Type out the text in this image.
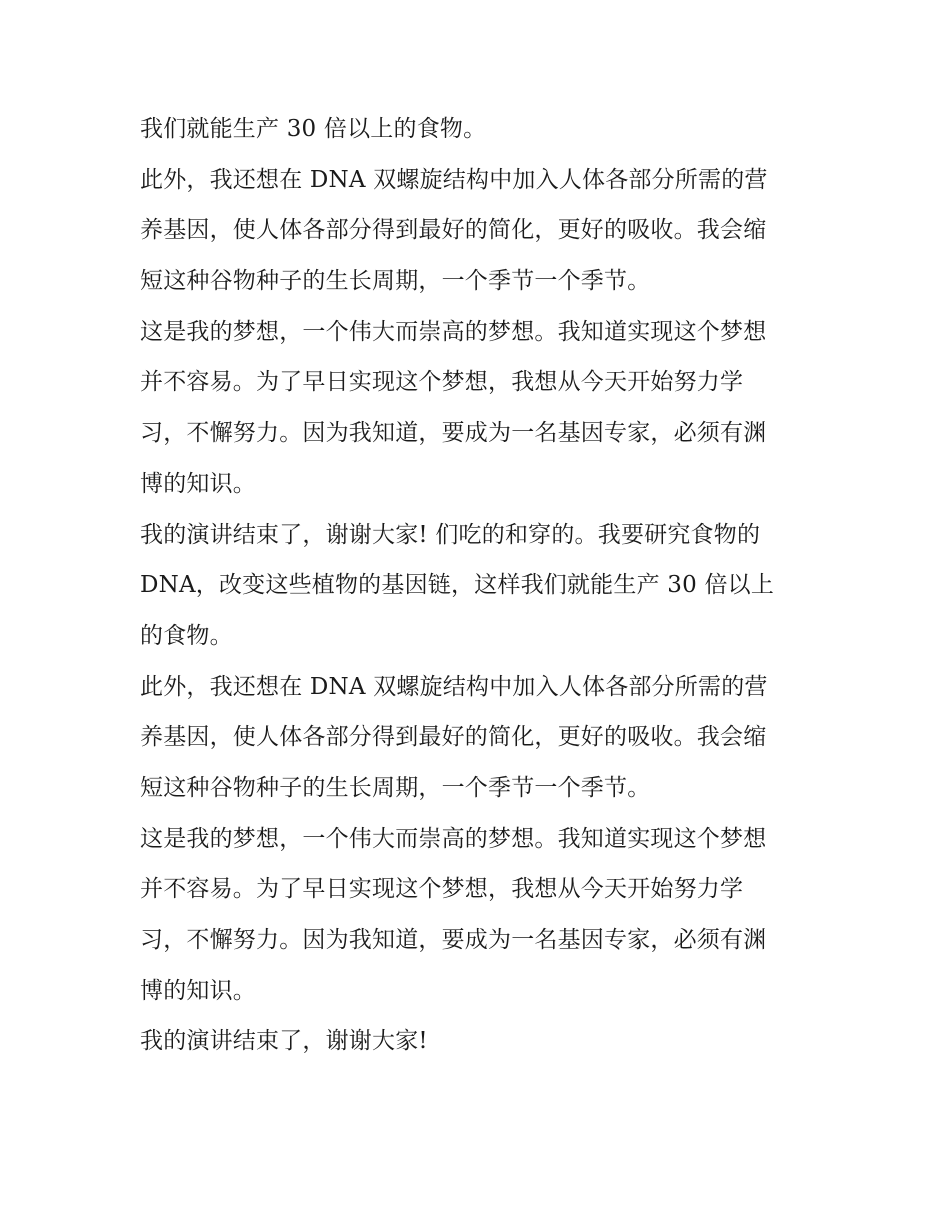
我们就能生产 30 倍以上的食物。
此外，我还想在 DNA 双螺旋结构中加入人体各部分所需的营
养基因，使人体各部分得到最好的简化，更好的吸收。我会缩
短这种谷物种子的生长周期，一个季节一个季节。
这是我的梦想，一个伟大而崇高的梦想。我知道实现这个梦想
并不容易。为了早日实现这个梦想，我想从今天开始努力学
习，不懈努力。因为我知道，要成为一名基因专家，必须有渊
博的知识。
我的演讲结束了，谢谢大家! 们吃的和穿的。我要研究食物的
DNA，改变这些植物的基因链，这样我们就能生产 30 倍以上
的食物。
此外，我还想在 DNA 双螺旋结构中加入人体各部分所需的营
养基因，使人体各部分得到最好的简化，更好的吸收。我会缩
短这种谷物种子的生长周期，一个季节一个季节。
这是我的梦想，一个伟大而崇高的梦想。我知道实现这个梦想
并不容易。为了早日实现这个梦想，我想从今天开始努力学
习，不懈努力。因为我知道，要成为一名基因专家，必须有渊
博的知识。
我的演讲结束了，谢谢大家!
